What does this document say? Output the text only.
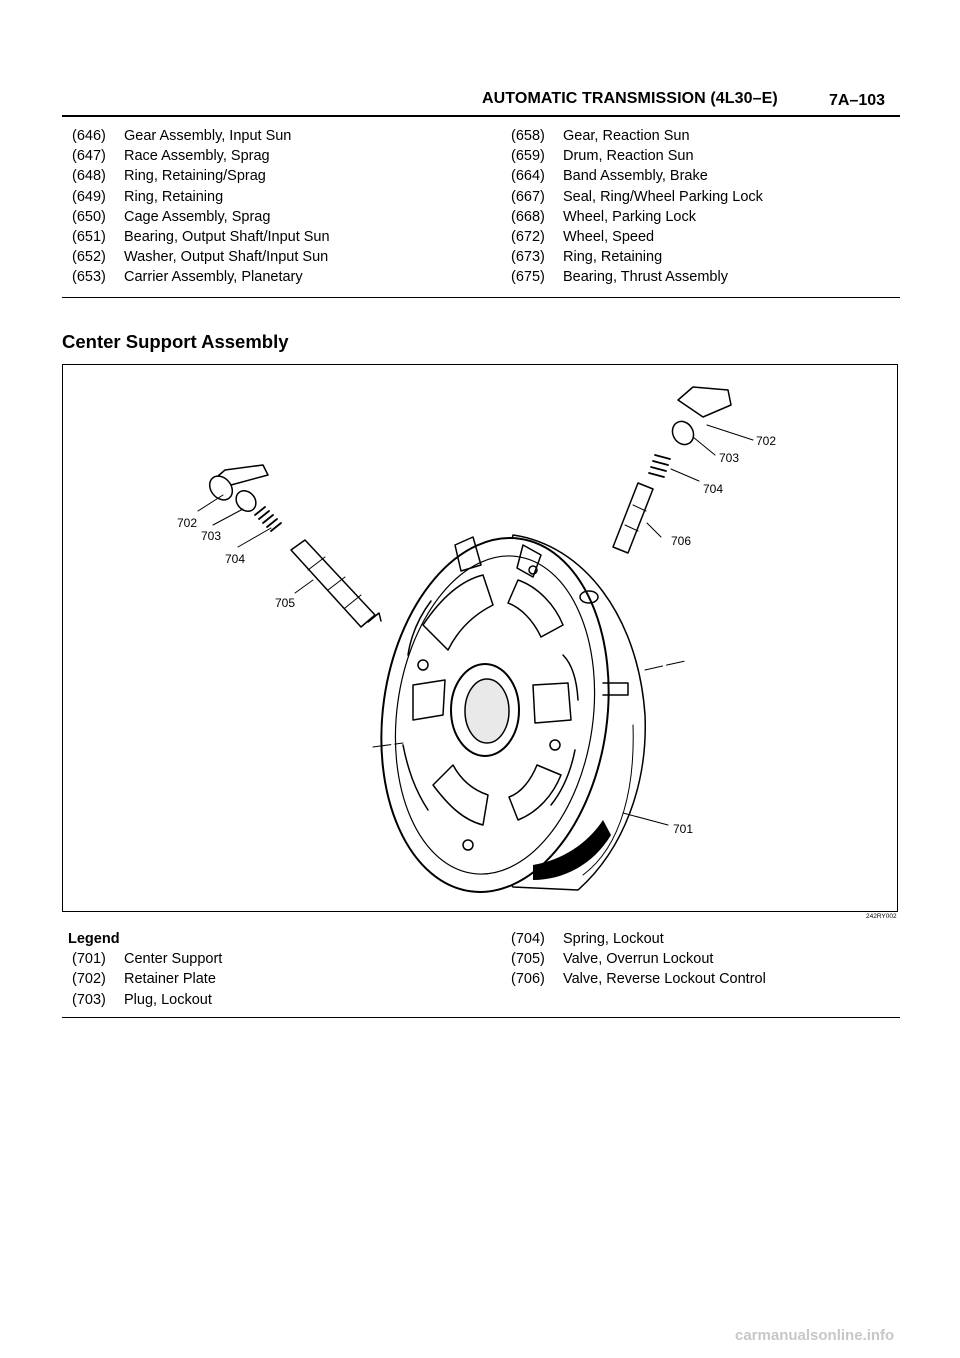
AUTOMATIC TRANSMISSION (4L30–E)	7A–103
(646)	Gear Assembly, Input Sun
(647)	Race Assembly, Sprag
(648)	Ring, Retaining/Sprag
(649)	Ring, Retaining
(650)	Cage Assembly, Sprag
(651)	Bearing, Output Shaft/Input Sun
(652)	Washer, Output Shaft/Input Sun
(653)	Carrier Assembly, Planetary
(658)	Gear, Reaction Sun
(659)	Drum, Reaction Sun
(664)	Band Assembly, Brake
(667)	Seal, Ring/Wheel Parking Lock
(668)	Wheel, Parking Lock
(672)	Wheel, Speed
(673)	Ring, Retaining
(675)	Bearing, Thrust Assembly
Center Support Assembly
702
703
704
706
701
702
703
704
705
242RY002
Legend
(701)	Center Support
(702)	Retainer Plate
(703)	Plug, Lockout
(704)	Spring, Lockout
(705)	Valve, Overrun Lockout
(706)	Valve, Reverse Lockout Control
carmanualsonline.info
